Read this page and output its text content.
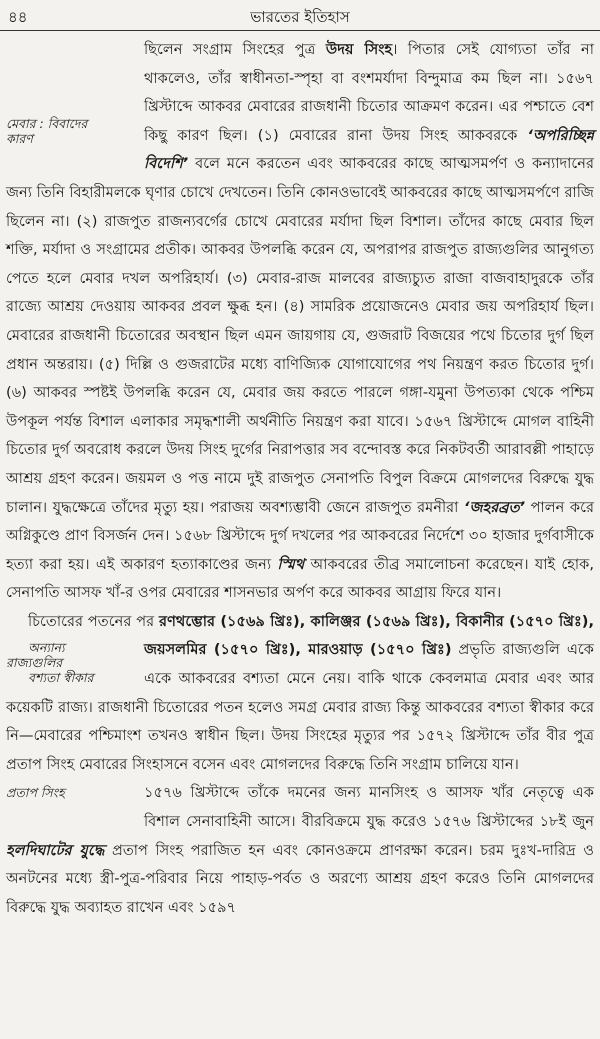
৪৪	ভারতের ইতিহাস

মেবার : বিবাদের
কারণ
ছিলেন সংগ্রাম সিংহের পুত্র উদয় সিংহ। পিতার সেই যোগ্যতা তাঁর না থাকলেও, তাঁর স্বাধীনতা-স্পৃহা বা বংশমর্যাদা বিন্দুমাত্র কম ছিল না। ১৫৬৭ খ্রিস্টাব্দে আকবর মেবারের রাজধানী চিতোর আক্রমণ করেন। এর পশ্চাতে বেশ কিছু কারণ ছিল। (১) মেবারের রানা উদয় সিংহ আকবরকে ‘অপরিচ্ছিন্ন বিদেশি’ বলে মনে করতেন এবং আকবরের কাছে আত্মসমর্পণ ও কন্যাদানের জন্য তিনি বিহারীমলকে ঘৃণার চোখে দেখতেন। তিনি কোনওভাবেই আকবরের কাছে আত্মসমর্পণে রাজি ছিলেন না। (২) রাজপুত রাজন্যবর্গের চোখে মেবারের মর্যাদা ছিল বিশাল। তাঁদের কাছে মেবার ছিল শক্তি, মর্যাদা ও সংগ্রামের প্রতীক। আকবর উপলব্ধি করেন যে, অপরাপর রাজপুত রাজ্যগুলির আনুগত্য পেতে হলে মেবার দখল অপরিহার্য। (৩) মেবার-রাজ মালবের রাজ্যচ্যুত রাজা বাজবাহাদুরকে তাঁর রাজ্যে আশ্রয় দেওয়ায় আকবর প্রবল ক্ষুব্ধ হন। (৪) সামরিক প্রয়োজনেও মেবার জয় অপরিহার্য ছিল। মেবারের রাজধানী চিতোরের অবস্থান ছিল এমন জায়গায় যে, গুজরাট বিজয়ের পথে চিতোর দুর্গ ছিল প্রধান অন্তরায়। (৫) দিল্লি ও গুজরাটের মধ্যে বাণিজ্যিক যোগাযোগের পথ নিয়ন্ত্রণ করত চিতোর দুর্গ। (৬) আকবর স্পষ্টই উপলব্ধি করেন যে, মেবার জয় করতে পারলে গঙ্গা-যমুনা উপত্যকা থেকে পশ্চিম উপকূল পর্যন্ত বিশাল এলাকার সমৃদ্ধশালী অর্থনীতি নিয়ন্ত্রণ করা যাবে। ১৫৬৭ খ্রিস্টাব্দে মোগল বাহিনী চিতোর দুর্গ অবরোধ করলে উদয় সিংহ দুর্গের নিরাপত্তার সব বন্দোবস্ত করে নিকটবর্তী আরাবল্লী পাহাড়ে আশ্রয় গ্রহণ করেন। জয়মল ও পত্ত নামে দুই রাজপুত সেনাপতি বিপুল বিক্রমে মোগলদের বিরুদ্ধে যুদ্ধ চালান। যুদ্ধক্ষেত্রে তাঁদের মৃত্যু হয়। পরাজয় অবশ্যম্ভাবী জেনে রাজপুত রমনীরা ‘জহরব্রত’ পালন করে অগ্নিকুণ্ডে প্রাণ বিসর্জন দেন। ১৫৬৮ খ্রিস্টাব্দে দুর্গ দখলের পর আকবরের নির্দেশে ৩০ হাজার দুর্গবাসীকে হত্যা করা হয়। এই অকারণ হত্যাকাণ্ডের জন্য স্মিথ আকবরের তীব্র সমালোচনা করেছেন। যাই হোক, সেনাপতি আসফ খাঁ-র ওপর মেবারের শাসনভার অর্পণ করে আকবর আগ্রায় ফিরে যান।

চিতোরের পতনের পর রণথম্ভোর (১৫৬৯ খ্রিঃ), কালিঞ্জর (১৫৬৯ খ্রিঃ), বিকানীর (১৫৭০ খ্রিঃ), জয়সলমির (১৫৭০ খ্রিঃ), মারওয়াড় (১৫৭০ খ্রিঃ)
অন্যান্য রাজ্যগুলির
বশ্যতা স্বীকার
প্রভৃতি রাজ্যগুলি একে একে আকবরের বশ্যতা মেনে নেয়। বাকি থাকে কেবলমাত্র মেবার এবং আর কয়েকটি রাজ্য। রাজধানী চিতোরের পতন হলেও সমগ্র মেবার রাজ্য কিন্তু আকবরের বশ্যতা স্বীকার করে নি—মেবারের পশ্চিমাংশ তখনও স্বাধীন ছিল। উদয় সিংহের মৃত্যুর পর ১৫৭২ খ্রিস্টাব্দে তাঁর বীর পুত্র প্রতাপ সিংহ মেবারের সিংহাসনে বসেন এবং মোগলদের বিরুদ্ধে তিনি সংগ্রাম চালিয়ে যান।

প্রতাপ সিংহ	১৫৭৬ খ্রিস্টাব্দে তাঁকে দমনের জন্য মানসিংহ ও আসফ খাঁর নেতৃত্বে এক বিশাল সেনাবাহিনী আসে। বীরবিক্রমে যুদ্ধ করেও ১৫৭৬ খ্রিস্টাব্দের ১৮ই জুন হলদিঘাটের যুদ্ধে প্রতাপ সিংহ পরাজিত হন এবং কোনওক্রমে প্রাণরক্ষা করেন। চরম দুঃখ-দারিদ্র ও অনটনের মধ্যে স্ত্রী-পুত্র-পরিবার নিয়ে পাহাড়-পর্বত ও অরণ্যে আশ্রয় গ্রহণ করেও তিনি মোগলদের বিরুদ্ধে যুদ্ধ অব্যাহত রাখেন এবং ১৫৯৭
